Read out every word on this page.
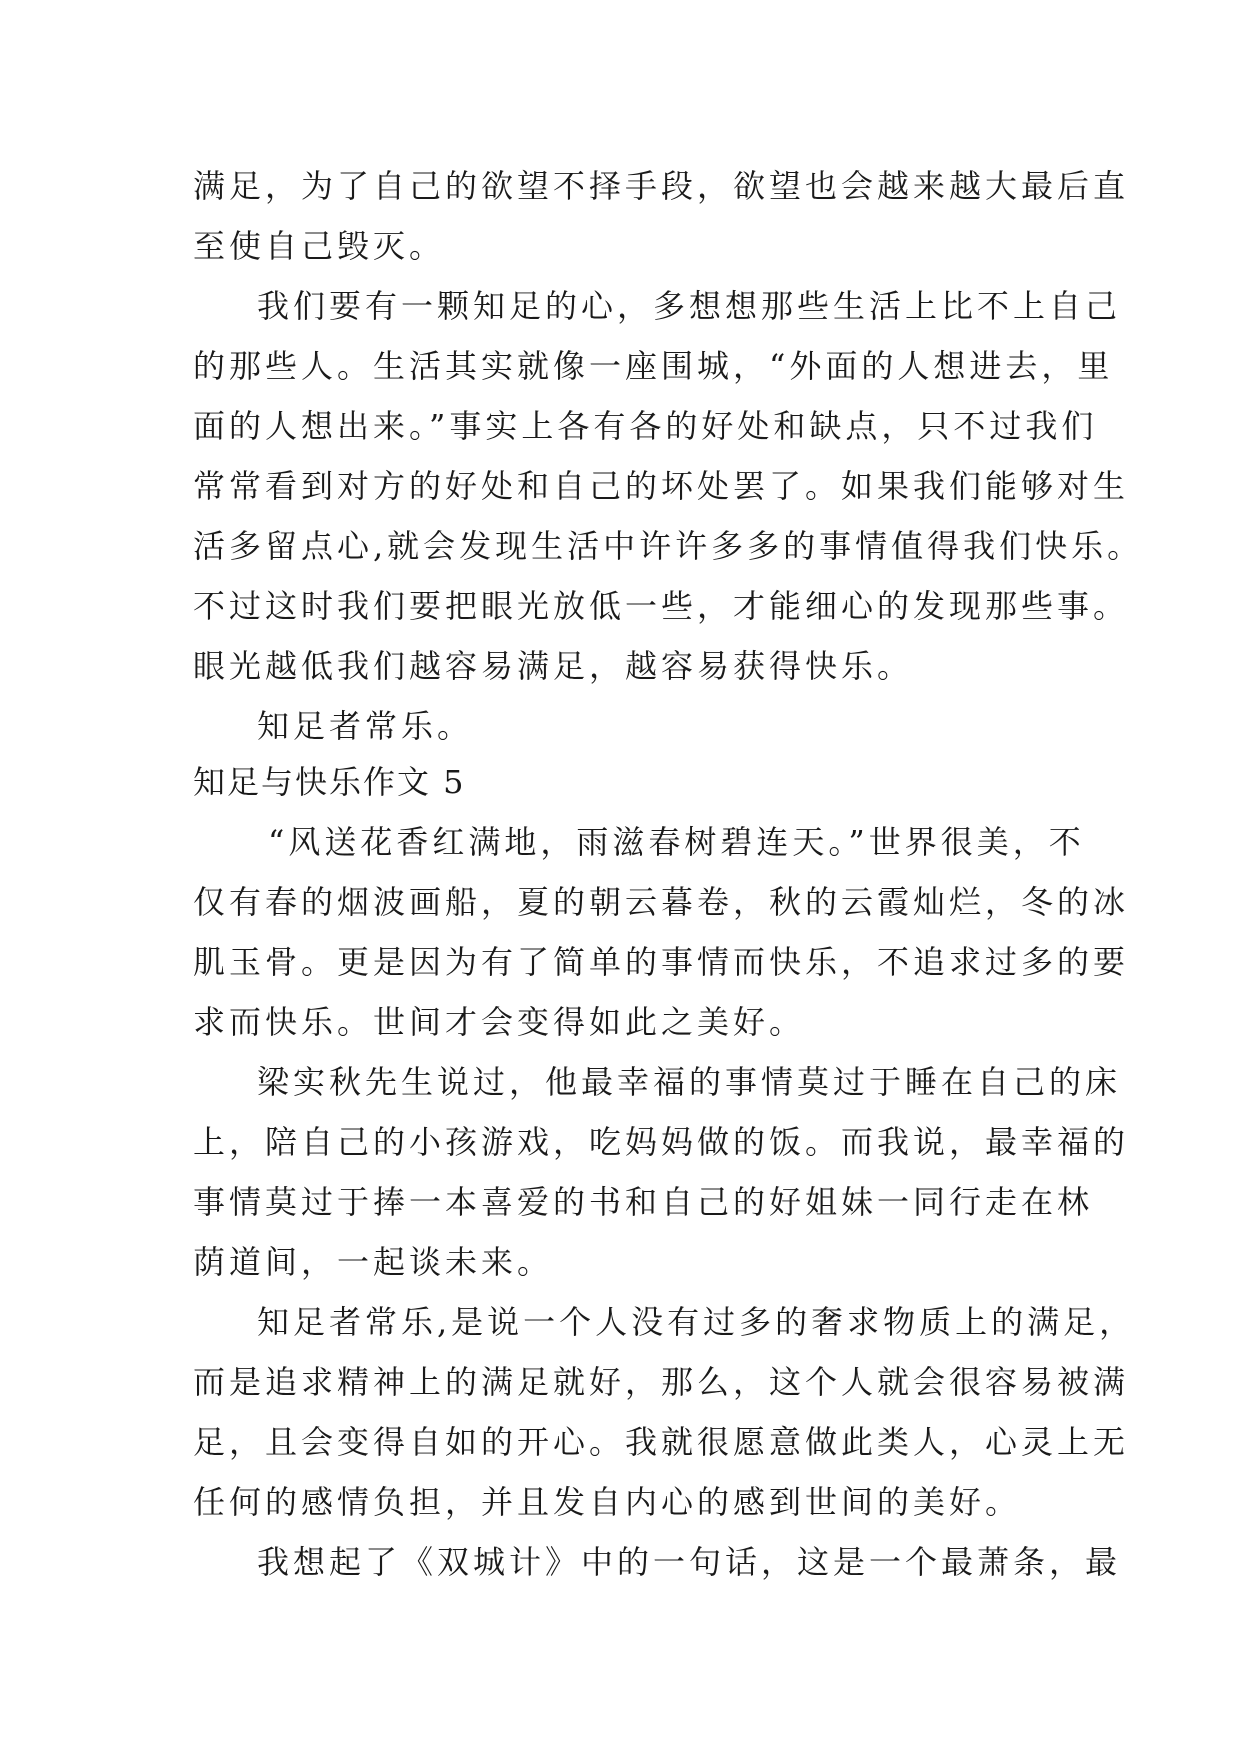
满足，为了自己的欲望不择手段，欲望也会越来越大最后直
至使自己毁灭。
我们要有一颗知足的心，多想想那些生活上比不上自己
的那些人。生活其实就像一座围城，“外面的人想进去，里
面的人想出来。”事实上各有各的好处和缺点，只不过我们
常常看到对方的好处和自己的坏处罢了。如果我们能够对生
活多留点心,就会发现生活中许许多多的事情值得我们快乐。
不过这时我们要把眼光放低一些，才能细心的发现那些事。
眼光越低我们越容易满足，越容易获得快乐。
知足者常乐。
知足与快乐作文 5
“风送花香红满地，雨滋春树碧连天。”世界很美，不
仅有春的烟波画船，夏的朝云暮卷，秋的云霞灿烂，冬的冰
肌玉骨。更是因为有了简单的事情而快乐，不追求过多的要
求而快乐。世间才会变得如此之美好。
梁实秋先生说过，他最幸福的事情莫过于睡在自己的床
上，陪自己的小孩游戏，吃妈妈做的饭。而我说，最幸福的
事情莫过于捧一本喜爱的书和自己的好姐妹一同行走在林
荫道间，一起谈未来。
知足者常乐,是说一个人没有过多的奢求物质上的满足，
而是追求精神上的满足就好，那么，这个人就会很容易被满
足，且会变得自如的开心。我就很愿意做此类人，心灵上无
任何的感情负担，并且发自内心的感到世间的美好。
我想起了《双城计》中的一句话，这是一个最萧条，最
